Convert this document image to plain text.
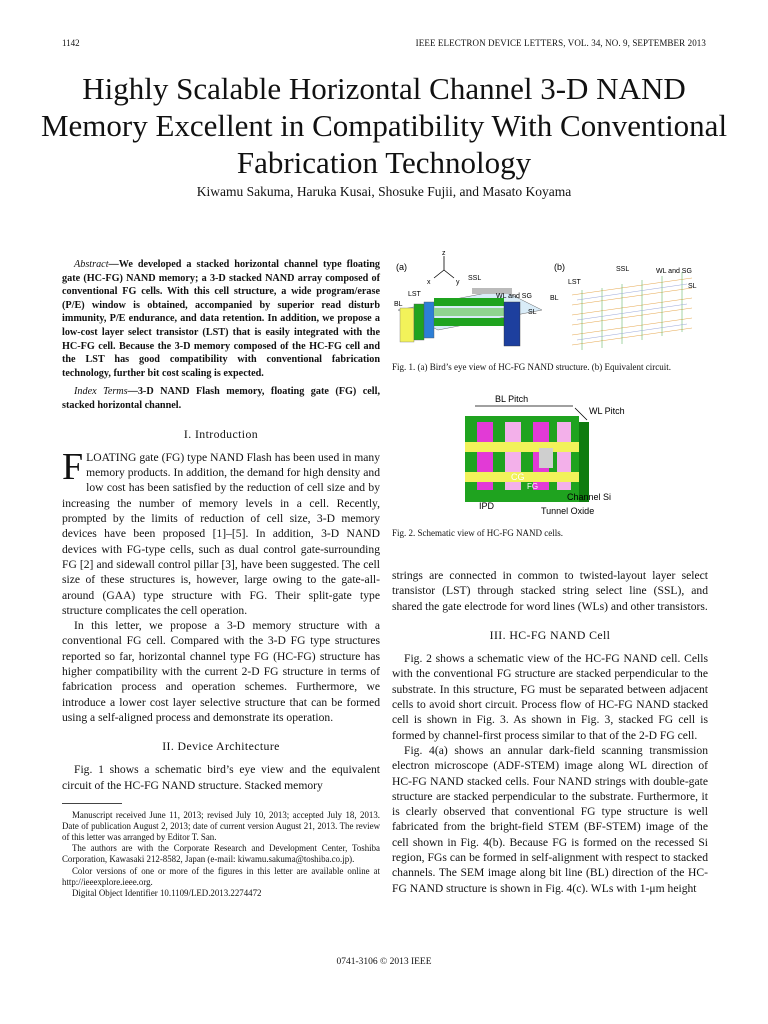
1142	IEEE ELECTRON DEVICE LETTERS, VOL. 34, NO. 9, SEPTEMBER 2013
Highly Scalable Horizontal Channel 3-D NAND Memory Excellent in Compatibility With Conventional Fabrication Technology
Kiwamu Sakuma, Haruka Kusai, Shosuke Fujii, and Masato Koyama

Abstract—We developed a stacked horizontal channel type floating gate (HC-FG) NAND memory; a 3-D stacked NAND array composed of conventional FG cells. With this cell structure, a wide program/erase (P/E) window is obtained, accompanied by superior read disturb immunity, P/E endurance, and data retention. In addition, we propose a low-cost layer select transistor (LST) that is easily integrated with the HC-FG cell. Because the 3-D memory composed of the HC-FG cell and the LST has good compatibility with conventional fabrication technology, further bit cost scaling is expected.

Index Terms—3-D NAND Flash memory, floating gate (FG) cell, stacked horizontal channel.

I. Introduction

FLOATING gate (FG) type NAND Flash has been used in many memory products. In addition, the demand for high density and low cost has been satisfied by the reduction of cell size and by increasing the number of memory levels in a cell. Recently, prompted by the limits of reduction of cell size, 3-D memory devices have been proposed [1]–[5]. In addition, 3-D NAND devices with FG-type cells, such as dual control gate-surrounding FG [2] and sidewall control pillar [3], have been suggested. The cell size of these structures is, however, large owing to the gate-all-around (GAA) type structure with FG. Their split-gate type structure complicates the cell operation.

In this letter, we propose a 3-D memory structure with a conventional FG cell. Compared with the 3-D FG type structures reported so far, horizontal channel type FG (HC-FG) structure has higher compatibility with the current 2-D FG structure in terms of fabrication process and operation schemes. Furthermore, we introduce a lower cost layer selective structure that can be formed using a self-aligned process and demonstrate its operation.

II. Device Architecture

Fig. 1 shows a schematic bird’s eye view and the equivalent circuit of the HC-FG NAND structure. Stacked memory

Manuscript received June 11, 2013; revised July 10, 2013; accepted July 18, 2013. Date of publication August 2, 2013; date of current version August 21, 2013. The review of this letter was arranged by Editor T. San.

The authors are with the Corporate Research and Development Center, Toshiba Corporation, Kawasaki 212-8582, Japan (e-mail: kiwamu.sakuma@toshiba.co.jp).

Color versions of one or more of the figures in this letter are available online at http://ieeexplore.ieee.org.

Digital Object Identifier 10.1109/LED.2013.2274472

(a)
z
x	y
SSL
LST
BL
WL and SG
SL
(b)	SSL	WL and SG
LST
SL
BL
Fig. 1. (a) Bird’s eye view of HC-FG NAND structure. (b) Equivalent circuit.
BL Pitch
WL Pitch
CG
FG
IPD
Channel Si
Tunnel Oxide
Fig. 2. Schematic view of HC-FG NAND cells.

strings are connected in common to twisted-layout layer select transistor (LST) through stacked string select line (SSL), and shared the gate electrode for word lines (WLs) and other transistors.

III. HC-FG NAND Cell

Fig. 2 shows a schematic view of the HC-FG NAND cell. Cells with the conventional FG structure are stacked perpendicular to the substrate. In this structure, FG must be separated between adjacent cells to avoid short circuit. Process flow of HC-FG NAND stacked cell is shown in Fig. 3. As shown in Fig. 3, stacked FG cell is formed by channel-first process similar to that of the 2-D FG cell.

Fig. 4(a) shows an annular dark-field scanning transmission electron microscope (ADF-STEM) image along WL direction of HC-FG NAND stacked cells. Four NAND strings with double-gate structure are stacked perpendicular to the substrate. Furthermore, it is clearly observed that conventional FG type structure is well fabricated from the bright-field STEM (BF-STEM) image of the cell shown in Fig. 4(b). Because FG is formed on the recessed Si region, FGs can be formed in self-alignment with respect to stacked channels. The SEM image along bit line (BL) direction of the HC-FG NAND structure is shown in Fig. 4(c). WLs with 1-μm height

0741-3106 © 2013 IEEE
